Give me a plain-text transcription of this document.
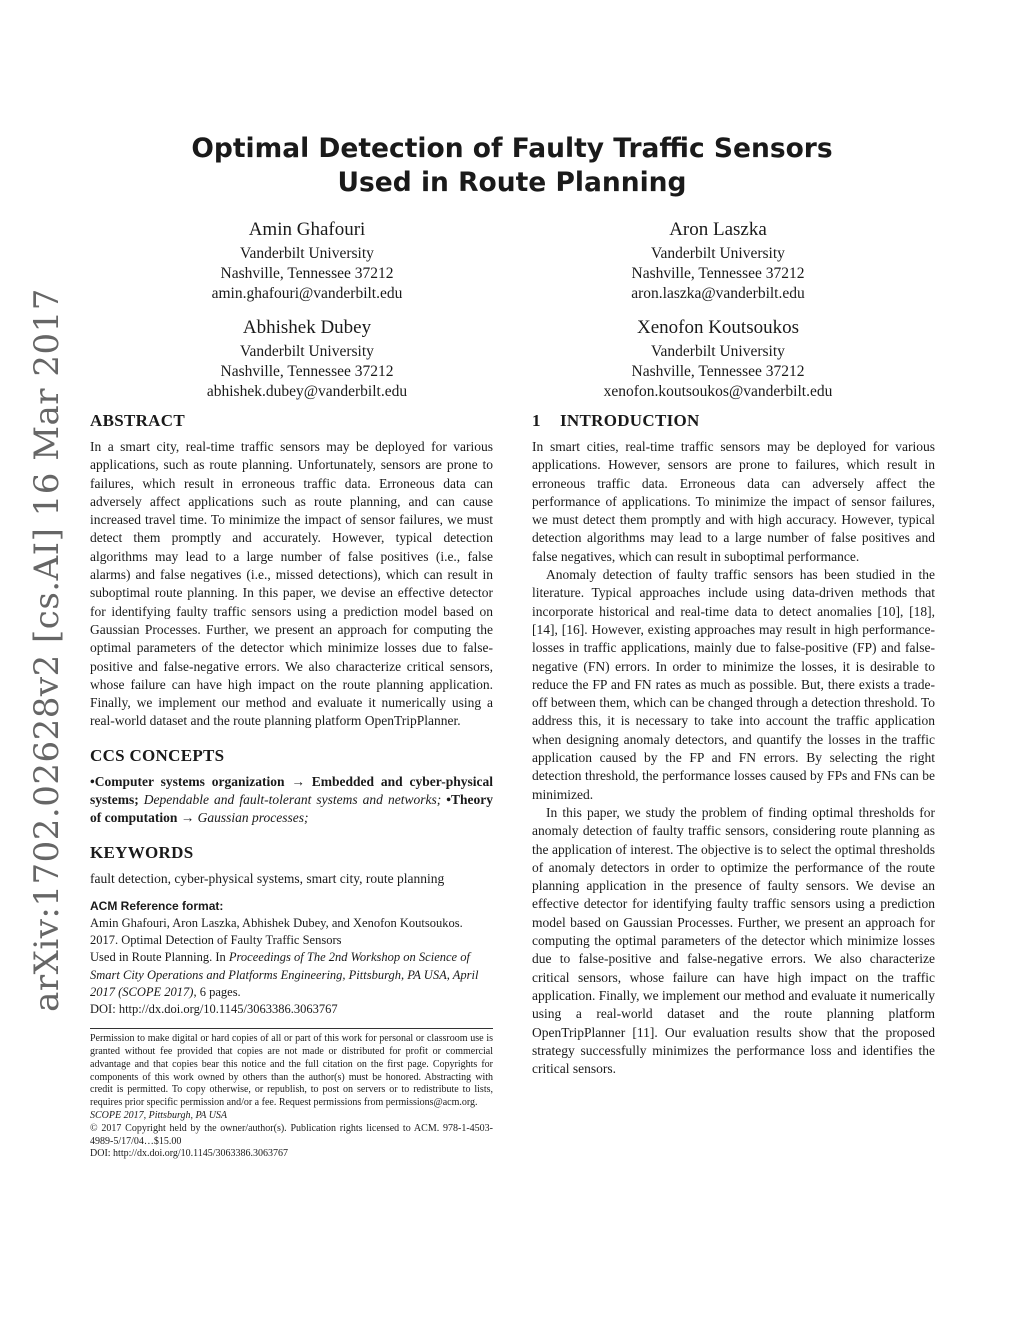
arXiv:1702.02628v2 [cs.AI] 16 Mar 2017
Optimal Detection of Faulty Traffic Sensors
Used in Route Planning
Amin Ghafouri
Vanderbilt University
Nashville, Tennessee 37212
amin.ghafouri@vanderbilt.edu
Aron Laszka
Vanderbilt University
Nashville, Tennessee 37212
aron.laszka@vanderbilt.edu
Abhishek Dubey
Vanderbilt University
Nashville, Tennessee 37212
abhishek.dubey@vanderbilt.edu
Xenofon Koutsoukos
Vanderbilt University
Nashville, Tennessee 37212
xenofon.koutsoukos@vanderbilt.edu
ABSTRACT

In a smart city, real-time traffic sensors may be deployed for various applications, such as route planning. Unfortunately, sensors are prone to failures, which result in erroneous traffic data. Erroneous data can adversely affect applications such as route planning, and can cause increased travel time. To minimize the impact of sensor failures, we must detect them promptly and accurately. However, typical detection algorithms may lead to a large number of false positives (i.e., false alarms) and false negatives (i.e., missed detections), which can result in suboptimal route planning. In this paper, we devise an effective detector for identifying faulty traffic sensors using a prediction model based on Gaussian Processes. Further, we present an approach for computing the optimal parameters of the detector which minimize losses due to false-positive and false-negative errors. We also characterize critical sensors, whose failure can have high impact on the route planning application. Finally, we implement our method and evaluate it numerically using a real-world dataset and the route planning platform OpenTripPlanner.

CCS CONCEPTS

•Computer systems organization → Embedded and cyber-physical systems; Dependable and fault-tolerant systems and networks; •Theory of computation → Gaussian processes;

KEYWORDS

fault detection, cyber-physical systems, smart city, route planning

ACM Reference format:

Amin Ghafouri, Aron Laszka, Abhishek Dubey, and Xenofon Koutsoukos. 2017. Optimal Detection of Faulty Traffic Sensors

Used in Route Planning. In Proceedings of The 2nd Workshop on Science of Smart City Operations and Platforms Engineering, Pittsburgh, PA USA, April 2017 (SCOPE 2017), 6 pages.

DOI: http://dx.doi.org/10.1145/3063386.3063767

Permission to make digital or hard copies of all or part of this work for personal or classroom use is granted without fee provided that copies are not made or distributed for profit or commercial advantage and that copies bear this notice and the full citation on the first page. Copyrights for components of this work owned by others than the author(s) must be honored. Abstracting with credit is permitted. To copy otherwise, or republish, to post on servers or to redistribute to lists, requires prior specific permission and/or a fee. Request permissions from permissions@acm.org.

SCOPE 2017, Pittsburgh, PA USA

© 2017 Copyright held by the owner/author(s). Publication rights licensed to ACM. 978-1-4503-4989-5/17/04…$15.00

DOI: http://dx.doi.org/10.1145/3063386.3063767

1 INTRODUCTION

In smart cities, real-time traffic sensors may be deployed for various applications. However, sensors are prone to failures, which result in erroneous traffic data. Erroneous data can adversely affect the performance of applications. To minimize the impact of sensor failures, we must detect them promptly and with high accuracy. However, typical detection algorithms may lead to a large number of false positives and false negatives, which can result in suboptimal performance.

Anomaly detection of faulty traffic sensors has been studied in the literature. Typical approaches include using data-driven methods that incorporate historical and real-time data to detect anomalies [10], [18], [14], [16]. However, existing approaches may result in high performance-losses in traffic applications, mainly due to false-positive (FP) and false-negative (FN) errors. In order to minimize the losses, it is desirable to reduce the FP and FN rates as much as possible. But, there exists a trade-off between them, which can be changed through a detection threshold. To address this, it is necessary to take into account the traffic application when designing anomaly detectors, and quantify the losses in the traffic application caused by the FP and FN errors. By selecting the right detection threshold, the performance losses caused by FPs and FNs can be minimized.

In this paper, we study the problem of finding optimal thresholds for anomaly detection of faulty traffic sensors, considering route planning as the application of interest. The objective is to select the optimal thresholds of anomaly detectors in order to optimize the performance of the route planning application in the presence of faulty sensors. We devise an effective detector for identifying faulty traffic sensors using a prediction model based on Gaussian Processes. Further, we present an approach for computing the optimal parameters of the detector which minimize losses due to false-positive and false-negative errors. We also characterize critical sensors, whose failure can have high impact on the traffic application. Finally, we implement our method and evaluate it numerically using a real-world dataset and the route planning platform OpenTripPlanner [11]. Our evaluation results show that the proposed strategy successfully minimizes the performance loss and identifies the critical sensors.
